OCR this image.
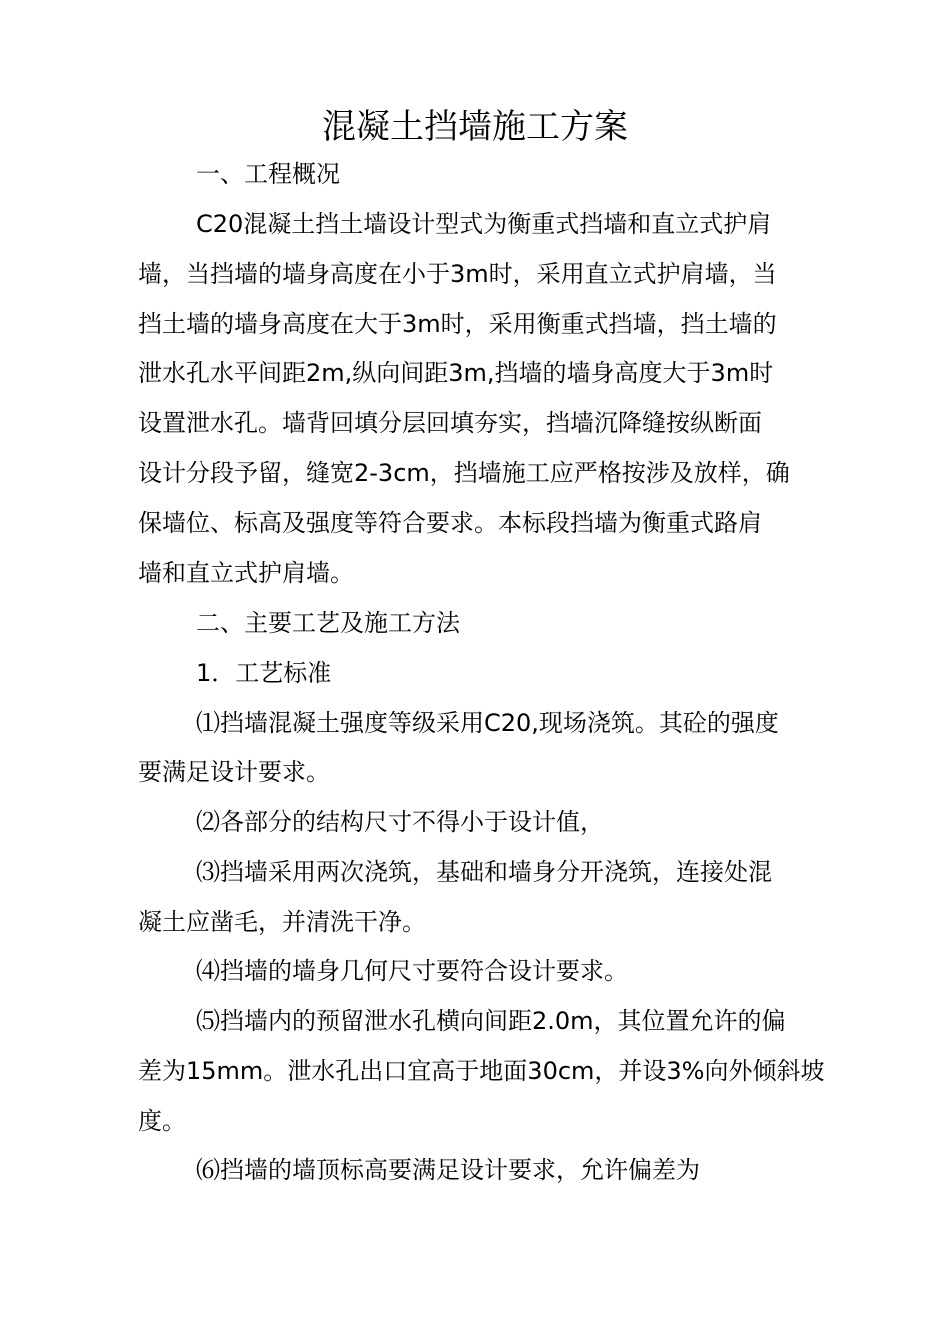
混凝土挡墙施工方案
一、工程概况
C20混凝土挡土墙设计型式为衡重式挡墙和直立式护肩
墙，当挡墙的墙身高度在小于3m时，采用直立式护肩墙，当
挡土墙的墙身高度在大于3m时，采用衡重式挡墙，挡土墙的
泄水孔水平间距2m,纵向间距3m,挡墙的墙身高度大于3m时
设置泄水孔。墙背回填分层回填夯实，挡墙沉降缝按纵断面
设计分段予留，缝宽2-3cm，挡墙施工应严格按涉及放样，确
保墙位、标高及强度等符合要求。本标段挡墙为衡重式路肩
墙和直立式护肩墙。
二、主要工艺及施工方法
1．工艺标准
⑴挡墙混凝土强度等级采用C20,现场浇筑。其砼的强度
要满足设计要求。
⑵各部分的结构尺寸不得小于设计值，
⑶挡墙采用两次浇筑，基础和墙身分开浇筑，连接处混
凝土应凿毛，并清洗干净。
⑷挡墙的墙身几何尺寸要符合设计要求。
⑸挡墙内的预留泄水孔横向间距2.0m，其位置允许的偏
差为15mm。泄水孔出口宜高于地面30cm，并设3%向外倾斜坡
度。
⑹挡墙的墙顶标高要满足设计要求，允许偏差为
